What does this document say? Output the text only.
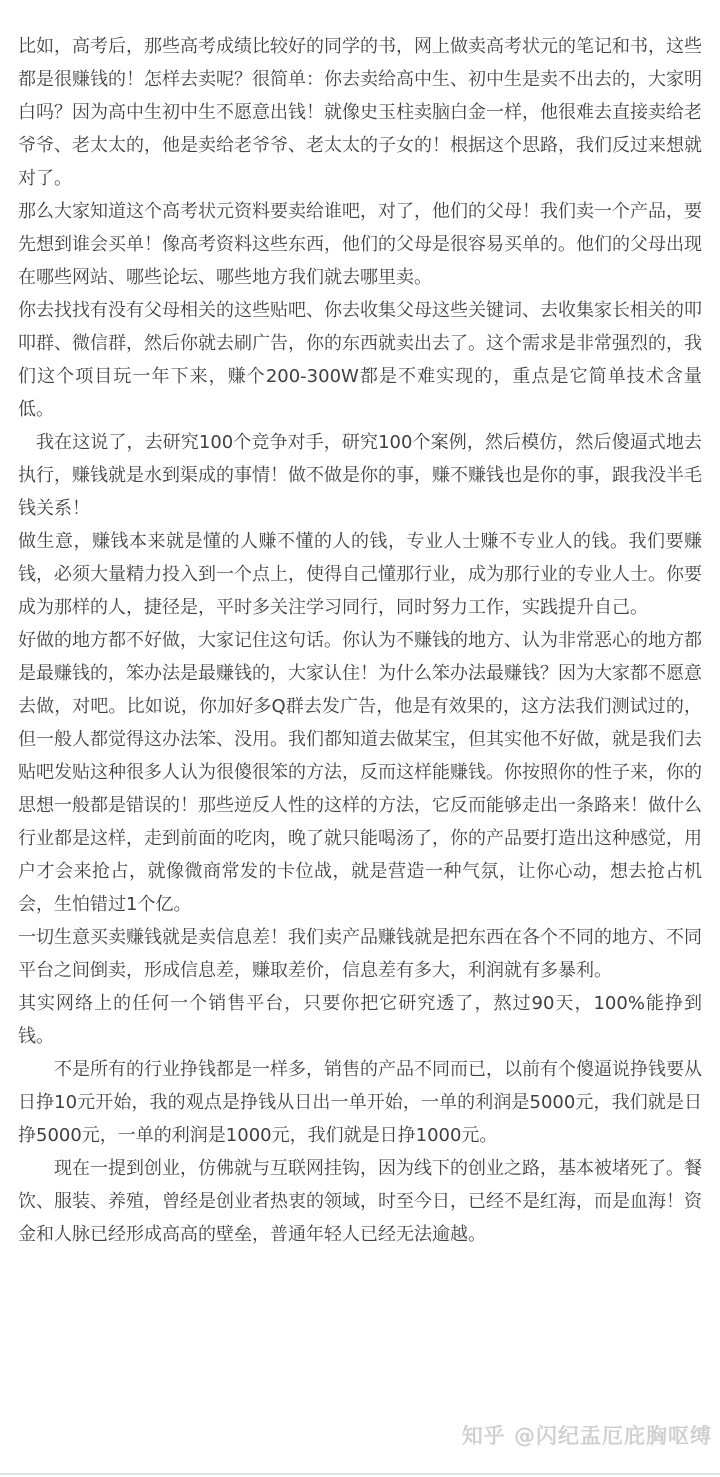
比如，高考后，那些高考成绩比较好的同学的书，网上做卖高考状元的笔记和书，这些都是很赚钱的！怎样去卖呢？很简单：你去卖给高中生、初中生是卖不出去的，大家明白吗？因为高中生初中生不愿意出钱！就像史玉柱卖脑白金一样，他很难去直接卖给老爷爷、老太太的，他是卖给老爷爷、老太太的子女的！根据这个思路，我们反过来想就对了。

那么大家知道这个高考状元资料要卖给谁吧，对了，他们的父母！我们卖一个产品，要先想到谁会买单！像高考资料这些东西，他们的父母是很容易买单的。他们的父母出现在哪些网站、哪些论坛、哪些地方我们就去哪里卖。

你去找找有没有父母相关的这些贴吧、你去收集父母这些关键词、去收集家长相关的叩叩群、微信群，然后你就去刷广告，你的东西就卖出去了。这个需求是非常强烈的，我们这个项目玩一年下来，赚个200-300W都是不难实现的，重点是它简单技术含量低。

我在这说了，去研究100个竞争对手，研究100个案例，然后模仿，然后傻逼式地去执行，赚钱就是水到渠成的事情！做不做是你的事，赚不赚钱也是你的事，跟我没半毛钱关系！

做生意，赚钱本来就是懂的人赚不懂的人的钱，专业人士赚不专业人的钱。我们要赚钱，必须大量精力投入到一个点上，使得自己懂那行业，成为那行业的专业人士。你要成为那样的人，捷径是，平时多关注学习同行，同时努力工作，实践提升自己。

好做的地方都不好做，大家记住这句话。你认为不赚钱的地方、认为非常恶心的地方都是最赚钱的，笨办法是最赚钱的，大家认住！为什么笨办法最赚钱？因为大家都不愿意去做，对吧。比如说，你加好多Q群去发广告，他是有效果的，这方法我们测试过的，但一般人都觉得这办法笨、没用。我们都知道去做某宝，但其实他不好做，就是我们去贴吧发贴这种很多人认为很傻很笨的方法，反而这样能赚钱。你按照你的性子来，你的思想一般都是错误的！那些逆反人性的这样的方法，它反而能够走出一条路来！做什么行业都是这样，走到前面的吃肉，晚了就只能喝汤了，你的产品要打造出这种感觉，用户才会来抢占，就像微商常发的卡位战，就是营造一种气氛，让你心动，想去抢占机会，生怕错过1个亿。

一切生意买卖赚钱就是卖信息差！我们卖产品赚钱就是把东西在各个不同的地方、不同平台之间倒卖，形成信息差，赚取差价，信息差有多大，利润就有多暴利。

其实网络上的任何一个销售平台，只要你把它研究透了，熬过90天，100%能挣到钱。

不是所有的行业挣钱都是一样多，销售的产品不同而已，以前有个傻逼说挣钱要从日挣10元开始，我的观点是挣钱从日出一单开始，一单的利润是5000元，我们就是日挣5000元，一单的利润是1000元，我们就是日挣1000元。

现在一提到创业，仿佛就与互联网挂钩，因为线下的创业之路，基本被堵死了。餐饮、服装、养殖，曾经是创业者热衷的领域，时至今日，已经不是红海，而是血海！资金和人脉已经形成高高的壁垒，普通年轻人已经无法逾越。

知乎 @闪纪盂厄庇胸呕缚
